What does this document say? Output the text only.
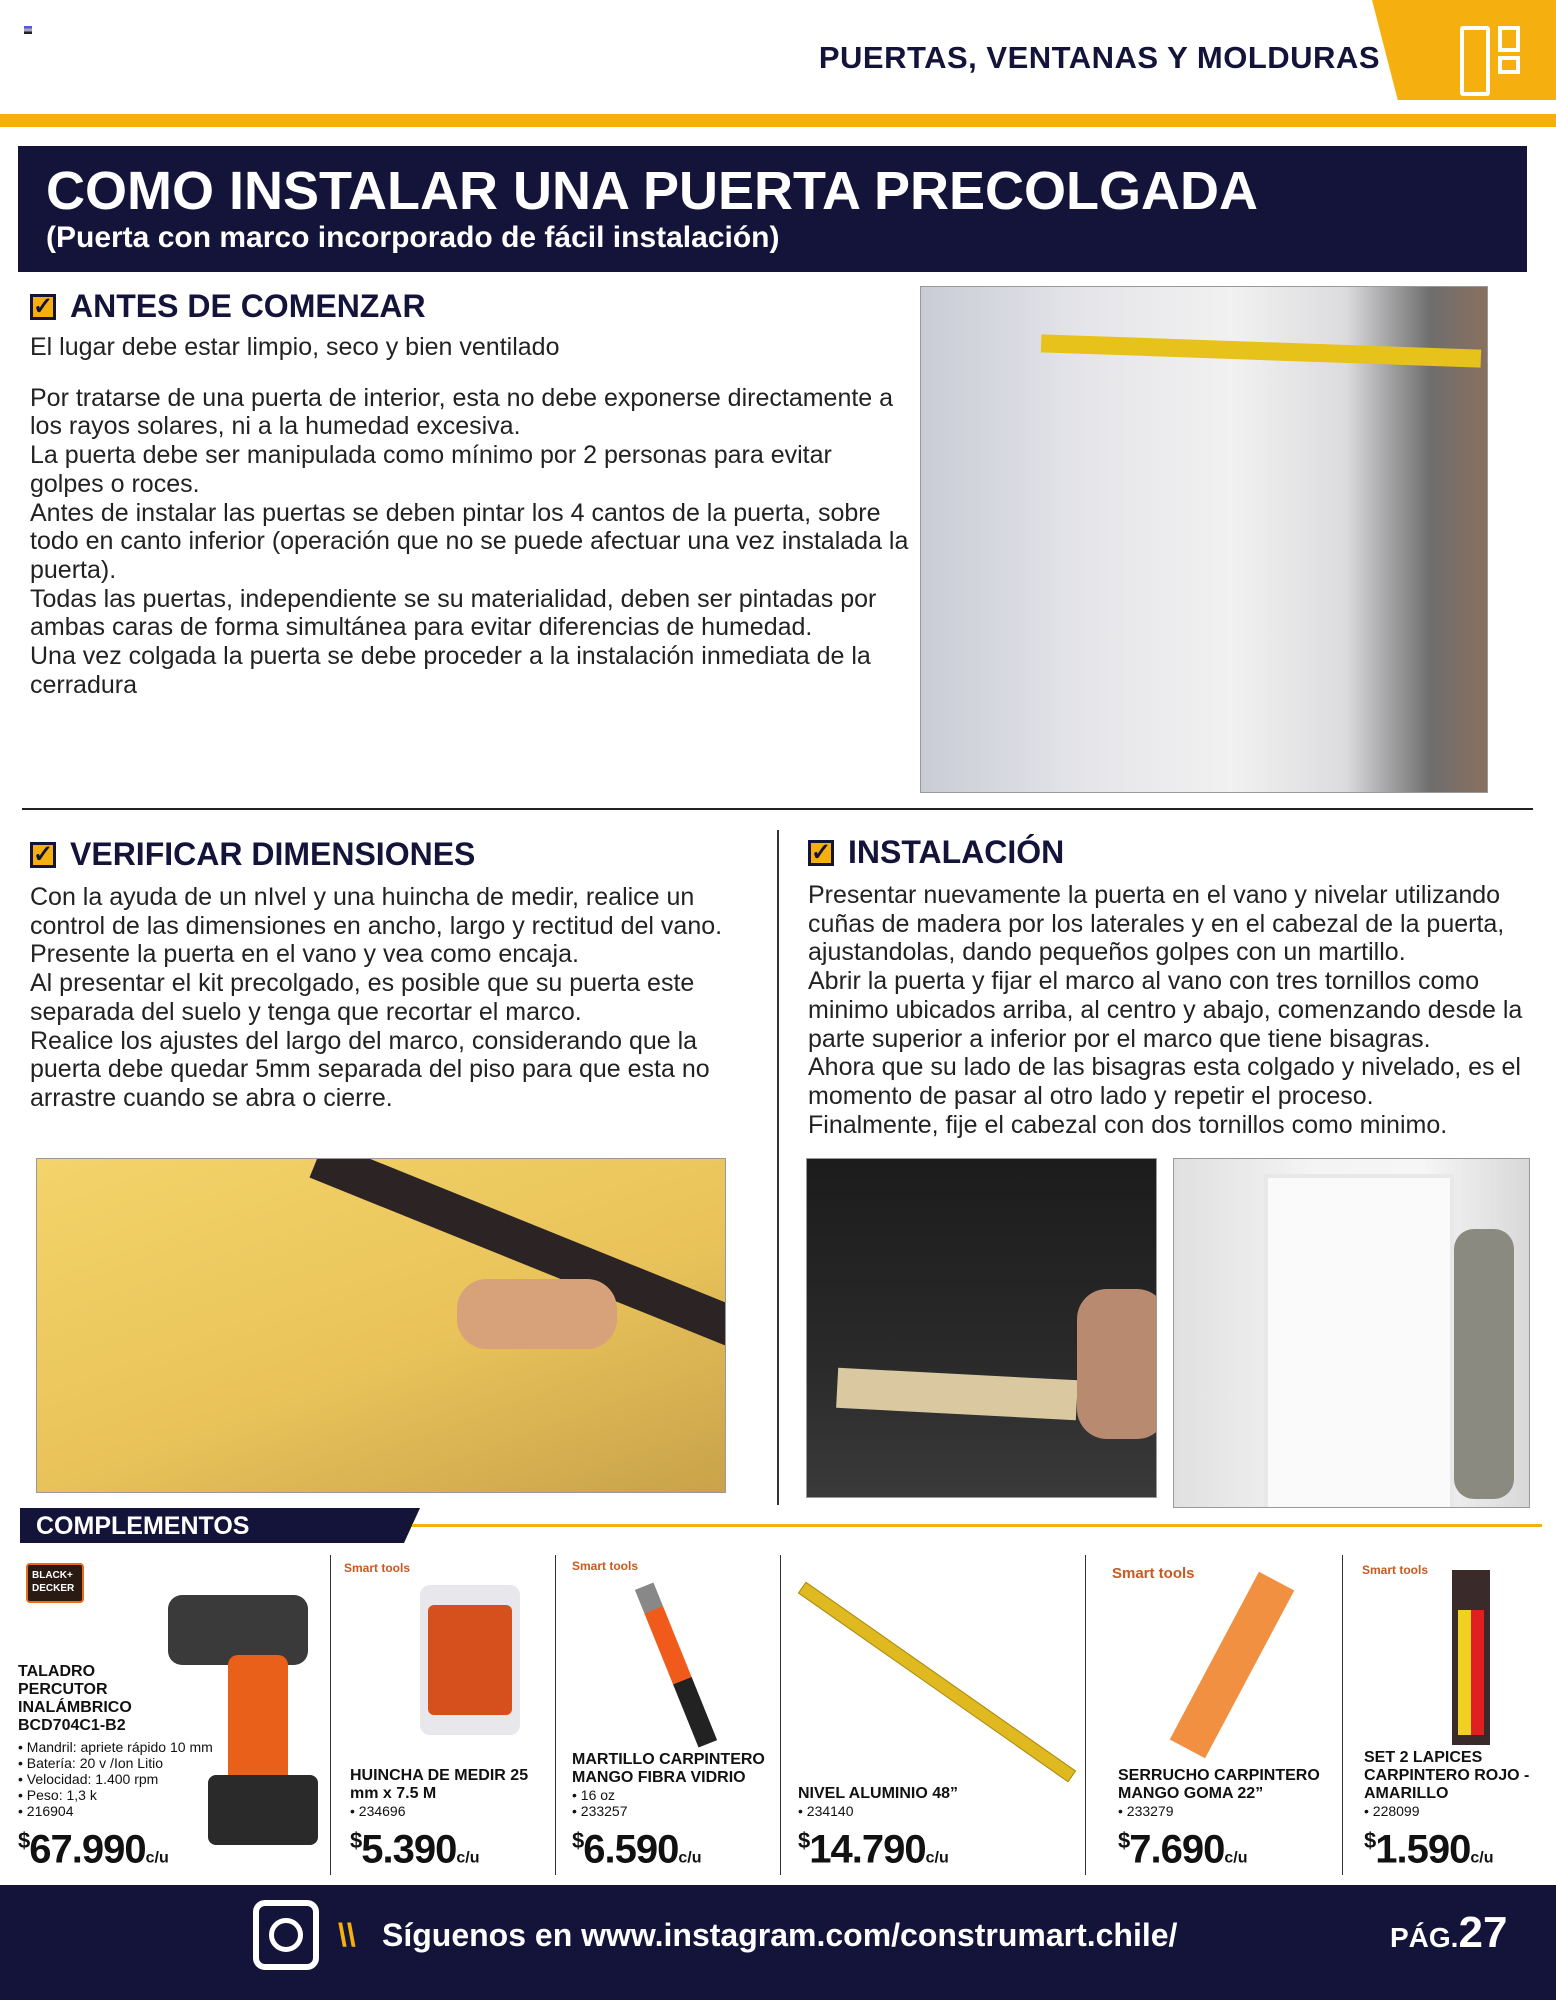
PUERTAS, VENTANAS Y MOLDURAS
COMO INSTALAR UNA PUERTA PRECOLGADA
(Puerta con marco incorporado de fácil instalación)
✓ ANTES DE COMENZAR

El lugar debe estar limpio, seco y bien ventilado

Por tratarse de una puerta de interior, esta no debe exponerse directamente a los rayos solares, ni a la humedad excesiva.

La puerta debe ser manipulada como mínimo por 2 personas para evitar golpes o roces.

Antes de instalar las puertas se deben pintar los 4 cantos de la puerta, sobre todo en canto inferior (operación que no se puede afectuar una vez instalada la puerta).

Todas las puertas, independiente se su materialidad, deben ser pintadas por ambas caras de forma simultánea para evitar diferencias de humedad.

Una vez colgada la puerta se debe proceder a la instalación inmediata de la cerradura

✓ VERIFICAR DIMENSIONES

Con la ayuda de un nIvel y una huincha de medir, realice un control de las dimensiones en ancho, largo y rectitud del vano.

Presente la puerta en el vano y vea como encaja.

Al presentar el kit precolgado, es posible que su puerta este separada del suelo y tenga que recortar el marco.

Realice los ajustes del largo del marco, considerando que la puerta debe quedar 5mm separada del piso para que esta no arrastre cuando se abra o cierre.

✓ INSTALACIÓN

Presentar nuevamente la puerta en el vano y nivelar utilizando cuñas de madera por los laterales y en el cabezal de la puerta, ajustandolas, dando pequeños golpes con un martillo.

Abrir la puerta y fijar el marco al vano con tres tornillos como minimo ubicados arriba, al centro y abajo, comenzando desde la parte superior a inferior por el marco que tiene bisagras.

Ahora que su lado de las bisagras esta colgado y nivelado, es el momento de pasar al otro lado y repetir el proceso.

Finalmente, fije el cabezal con dos tornillos como minimo.

COMPLEMENTOS
BLACK+ DECKER
TALADRO PERCUTOR INALÁMBRICO BCD704C1-B2
• Mandril: apriete rápido 10 mm
• Batería: 20 v /Ion Litio
• Velocidad: 1.400 rpm
• Peso: 1,3 k
• 216904
$67.990c/u
Smart tools
HUINCHA DE MEDIR 25 mm x 7.5 M
• 234696
$5.390c/u
Smart tools
MARTILLO CARPINTERO MANGO FIBRA VIDRIO
• 16 oz
• 233257
$6.590c/u
NIVEL ALUMINIO 48”
• 234140
$14.790c/u
Smart tools
SERRUCHO CARPINTERO MANGO GOMA 22”
• 233279
$7.690c/u
Smart tools
SET 2 LAPICES CARPINTERO ROJO - AMARILLO
• 228099
$1.590c/u
\\ Síguenos en www.instagram.com/construmart.chile/	PÁG.27
